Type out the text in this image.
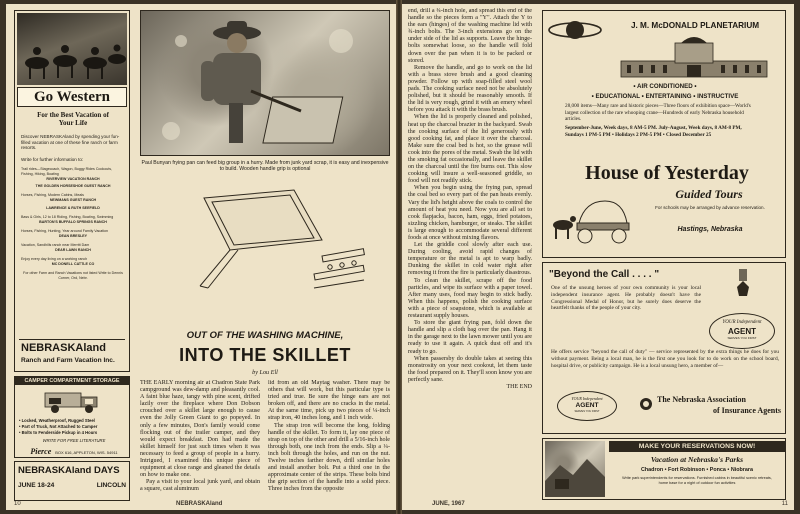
Go Western
For the Best Vacation of Your Life
Discover NEBRASKAland by spending your fun-filled vacation at one of these fine ranch or farm resorts.
Write for further information to:
Trail rides—Stagecoach, Wagon, Buggy Rides Cookouts, Fishing, Hiking, Boating
RIVERVIEW VACATION RANCH
THE GOLDEN HORSESHOE GUEST RANCH
Horses, Fishing, Modern Cabins, Meals
NEWMANS GUEST RANCH
LAWRENCE & RUTH SEEFIELD
Bass & Girls, 12 to 18 Riding, Fishing, Boating, Swimming
BARTON'S BUFFALO SPRINGS RANCH
Horses, Fishing, Hunting, Year around Family Vacation
DEAN BRESLEY
Vacation, Sandhills ranch near Merritt Dam
DEAR LAWN RANCH
Enjoy every day living on a working ranch
MC DONELL CATTLE CO
For other Farm and Ranch Vacations not listed Write to Dennis Corner, Ord, Nebr.
NEBRASKAland
Ranch and Farm Vacation Inc.
CAMPER COMPARTMENT STORAGE
• Locked, Weatherproof, Rugged Steel
• Part of Truck, Not Attached to Camper
• Bolts to Fenderside Pickup in 4 Hours
WRITE FOR FREE LITERATURE
Pierce BOX 616, APPLETON, WIS. 54911
NEBRASKAland DAYS
JUNE 18-24	LINCOLN
Paul Bunyan frying pan can feed big group in a hurry. Made from junk yard scrap, it is easy and inexpensive to build. Wooden handle grip is optional
OUT OF THE WASHING MACHINE,
INTO THE SKILLET
by Lou Ell

THE EARLY morning air at Chadron State Park campground was dew-damp and pleasantly cool. A faint blue haze, tangy with pine scent, drifted lazily over the fireplace where Don Dobson crouched over a skillet large enough to cause even the Jolly Green Giant to go popeyed. In only a few minutes, Don's family would come flocking out of the trailer camper, and they would expect breakfast. Don had made the skillet himself for just such times when it was necessary to feed a group of people in a hurry. Intrigued, I examined this unique piece of equipment at close range and gleaned the details on how to make one.

Pay a visit to your local junk yard, and obtain a square, cast aluminum

lid from an old Maytag washer. There may be others that will work, but this particular type is tried and true. Be sure the hinge ears are not broken off, and there are no cracks in the metal. At the same time, pick up two pieces of ¼-inch strap iron, 40 inches long, and 1 inch wide.

The strap iron will become the long, folding handle of the skillet. To form it, lay one piece of strap on top of the other and drill a 5/16-inch hole through both, one inch from the ends. Slip a ¼-inch bolt through the holes, and run on the nut. Twelve inches farther down, drill similar holes and install another bolt. Put a third one in the approximate center of the strips. These bolts bind the grip section of the handle into a solid piece. Three inches from the opposite

10	NEBRASKAland

end, drill a ¾-inch hole, and spread this end of the handle so the pieces form a "Y". Attach the Y to the ears (hinges) of the washing machine lid with ¾-inch bolts. The 3-inch extensions go on the under side of the lid as supports. Leave the hinge-bolts somewhat loose, so the handle will fold down over the pan when it is to be packed or stored.

Remove the handle, and go to work on the lid with a brass stove brush and a good cleaning powder. Follow up with soap-filled steel wool pads. The cooking surface need not be absolutely polished, but it should be reasonably smooth. If the lid is very rough, grind it with an emery wheel before you attack it with the brass brush.

When the lid is properly cleaned and polished, heat up the charcoal brazier in the backyard. Swab the cooking surface of the lid generously with good cooking fat, and place it over the charcoal. Make sure the coal bed is hot, so the grease will cook into the pores of the metal. Swab the lid with the smoking fat occasionally, and leave the skillet on the charcoal until the fire burns out. This slow cooking will insure a well-seasoned griddle, so food will not readily stick.

When you begin using the frying pan, spread the coal bed so every part of the pan heats evenly. Vary the lid's height above the coals to control the amount of heat you need. Now you are all set to cook flapjacks, bacon, ham, eggs, fried potatoes, sizzling chicken, hamburger, or steaks. The skillet is large enough to accommodate several different foods at once without mixing flavors.

Let the griddle cool slowly after each use. During cooling, avoid rapid changes of temperature or the metal is apt to warp badly. Dunking the skillet in cold water right after removing it from the fire is particularly disastrous.

To clean the skillet, scrape off the food particles, and wipe its surface with a paper towel. After many uses, food may begin to stick badly. When this happens, polish the cooking surface with a piece of soapstone, which is available at restaurant supply houses.

To store the giant frying pan, fold down the handle and slip a cloth bag over the pan. Hang it in the garage next to the lawn mower until you are ready to use it again. A quick dust off and it's ready to go.

When passersby do double takes at seeing this monstrosity on your next cookout, let them taste the food prepared on it. They'll soon know you are perfectly sane.

THE END
J. M. McDONALD PLANETARIUM
• AIR CONDITIONED •
• EDUCATIONAL • ENTERTAINING • INSTRUCTIVE
28,000 items—Many rare and historic pieces—Three floors of exhibition space—World's largest collection of the rare whooping crane—Hundreds of early Nebraska household articles.
September-June, Week days, 8 AM-5 PM. July-August, Week days, 8 AM-8 PM, Sundays 1 PM-5 PM • Holidays 2 PM-5 PM • Closed December 25
House of Yesterday
Guided Tours
For schools may be arranged by advance reservation.
Hastings, Nebraska
"Beyond the Call . . . . "
One of the unsung heroes of your own community is your local independent insurance agent. He probably doesn't have the Congressional Medal of Honor, but he surely does deserve the heartfelt thanks of the people of your city.
YOUR Independent
AGENT
SERVES YOU FIRST
He offers service "beyond the call of duty" — service represented by the extra things he does for you without payment. Being a local man, he is the first one you look for to do work on the school board, hospital drive, or publicity campaign. He is a local unsung hero, a member of—
YOUR Independent
AGENT
SERVES YOU FIRST
The Nebraska Association
of Insurance Agents
MAKE YOUR RESERVATIONS NOW!
Vacation at Nebraska's Parks
Chadron • Fort Robinson • Ponca • Niobrara
Write park superintendents for reservations. Furnished cabins in beautiful scenic retreats, home base for a night of outdoor fun activities
JUNE, 1967	11
